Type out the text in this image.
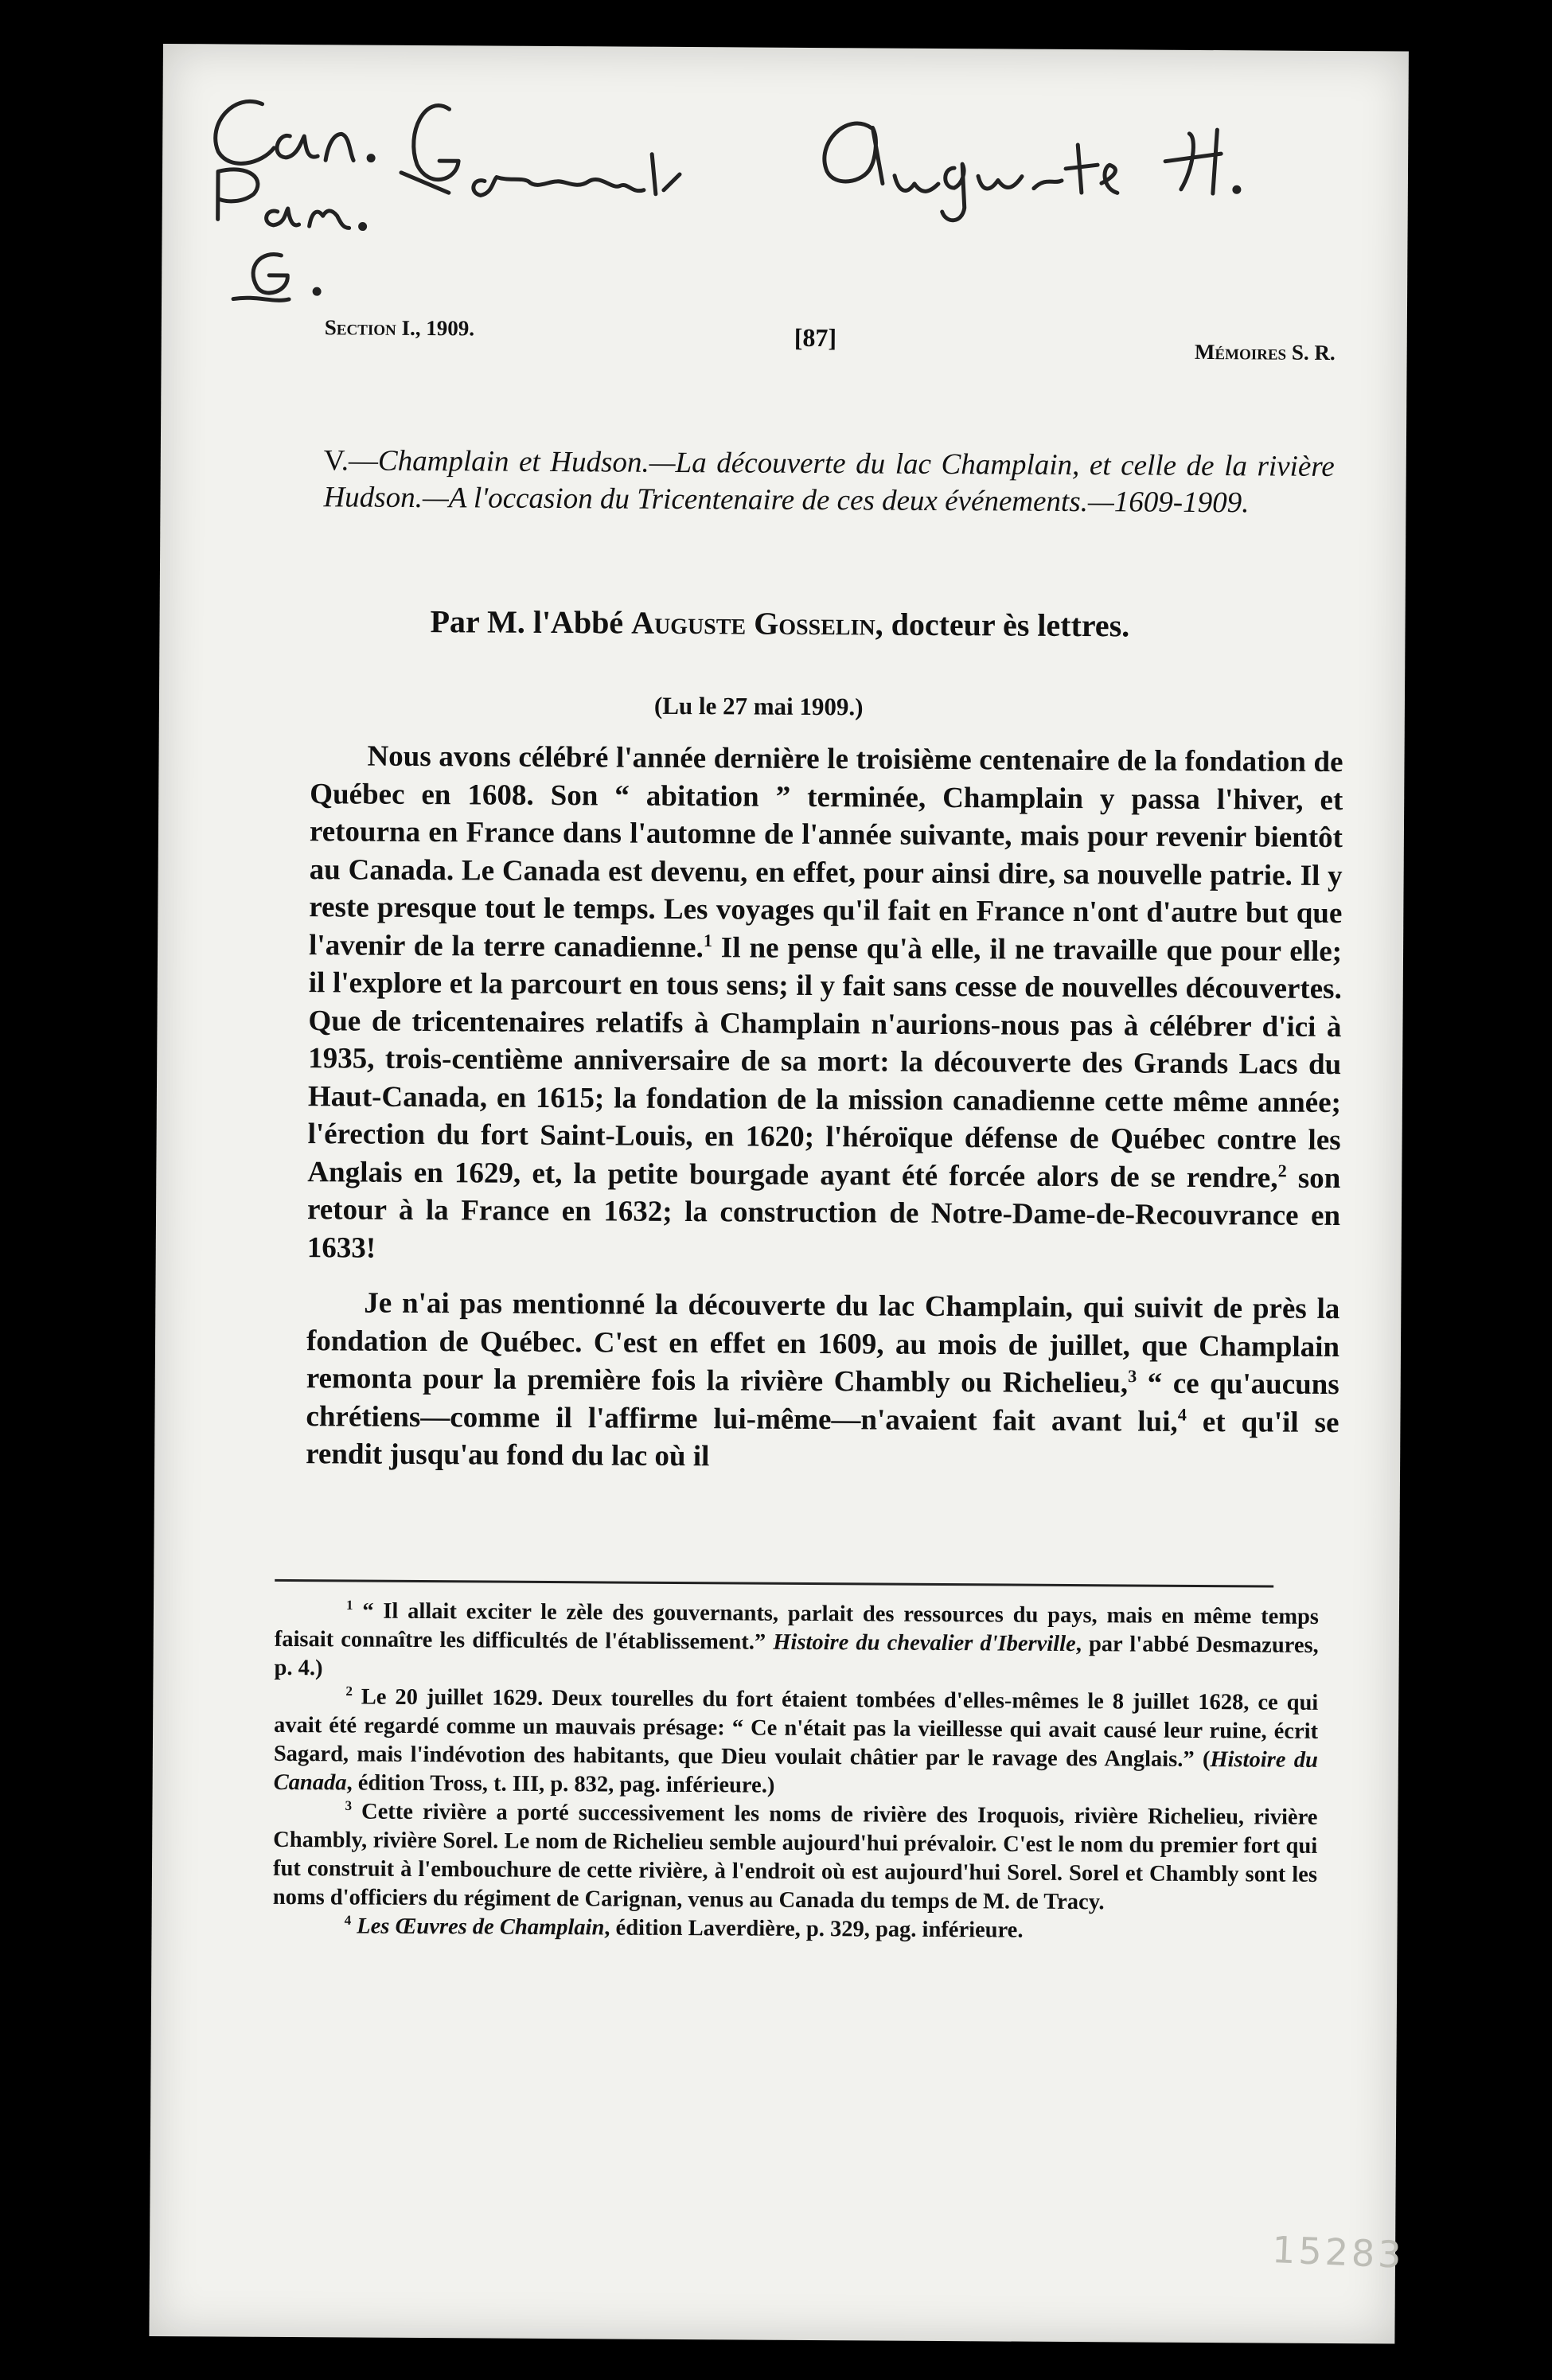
Section I., 1909.	[87]
Mémoires S. R.
V.—Champlain et Hudson.—La découverte du lac Champlain, et celle de la rivière Hudson.—A l'occasion du Tricentenaire de ces deux événements.—1609-1909.
Par M. l'Abbé Auguste Gosselin, docteur ès lettres.
(Lu le 27 mai 1909.)

Nous avons célébré l'année dernière le troisième centenaire de la fondation de Québec en 1608. Son “ abitation ” terminée, Champlain y passa l'hiver, et retourna en France dans l'automne de l'année suivante, mais pour revenir bientôt au Canada. Le Canada est devenu, en effet, pour ainsi dire, sa nouvelle patrie. Il y reste presque tout le temps. Les voyages qu'il fait en France n'ont d'autre but que l'avenir de la terre canadienne.$^1$ Il ne pense qu'à elle, il ne travaille que pour elle; il l'explore et la parcourt en tous sens; il y fait sans cesse de nouvelles découvertes. Que de tricentenaires relatifs à Champlain n'aurions-nous pas à célébrer d'ici à 1935, trois-centième anniversaire de sa mort: la découverte des Grands Lacs du Haut-Canada, en 1615; la fondation de la mission canadienne cette même année; l'érection du fort Saint-Louis, en 1620; l'héroïque défense de Québec contre les Anglais en 1629, et, la petite bourgade ayant été forcée alors de se rendre,$^2$ son retour à la France en 1632; la construction de Notre-Dame-de-Recouvrance en 1633!

Je n'ai pas mentionné la découverte du lac Champlain, qui suivit de près la fondation de Québec. C'est en effet en 1609, au mois de juillet, que Champlain remonta pour la première fois la rivière Chambly ou Richelieu,$^3$ “ ce qu'aucuns chrétiens—comme il l'affirme lui-même—n'avaient fait avant lui,$^4$ et qu'il se rendit jusqu'au fond du lac où il

$^1$ “ Il allait exciter le zèle des gouvernants, parlait des ressources du pays, mais en même temps faisait connaître les difficultés de l'établissement.” Histoire du chevalier d'Iberville, par l'abbé Desmazures, p. 4.)

$^2$ Le 20 juillet 1629. Deux tourelles du fort étaient tombées d'elles-mêmes le 8 juillet 1628, ce qui avait été regardé comme un mauvais présage: “ Ce n'était pas la vieillesse qui avait causé leur ruine, écrit Sagard, mais l'indévotion des habitants, que Dieu voulait châtier par le ravage des Anglais.” (Histoire du Canada, édition Tross, t. III, p. 832, pag. inférieure.)

$^3$ Cette rivière a porté successivement les noms de rivière des Iroquois, rivière Richelieu, rivière Chambly, rivière Sorel. Le nom de Richelieu semble aujourd'hui prévaloir. C'est le nom du premier fort qui fut construit à l'embouchure de cette rivière, à l'endroit où est aujourd'hui Sorel. Sorel et Chambly sont les noms d'officiers du régiment de Carignan, venus au Canada du temps de M. de Tracy.

$^4$ Les Œuvres de Champlain, édition Laverdière, p. 329, pag. inférieure.

15283
